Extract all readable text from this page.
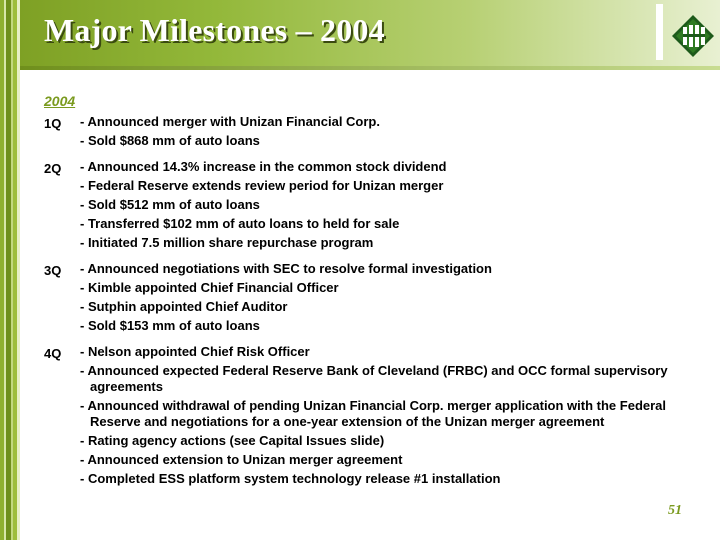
Major Milestones – 2004
2004
1Q	- Announced merger with Unizan Financial Corp.
- Sold $868 mm of auto loans
2Q	- Announced 14.3% increase in the common stock dividend
- Federal Reserve extends review period for Unizan merger
- Sold $512 mm of auto loans
- Transferred $102 mm of auto loans to held for sale
- Initiated 7.5 million share repurchase program
3Q	- Announced negotiations with SEC to resolve formal investigation
- Kimble appointed Chief Financial Officer
- Sutphin appointed Chief Auditor
- Sold $153 mm of auto loans
4Q	- Nelson appointed Chief Risk Officer
- Announced expected Federal Reserve Bank of Cleveland (FRBC) and OCC formal supervisory agreements
- Announced withdrawal of pending Unizan Financial Corp. merger application with the Federal Reserve and negotiations for a one-year extension of the Unizan merger agreement
- Rating agency actions (see Capital Issues slide)
- Announced extension to Unizan merger agreement
- Completed ESS platform system technology release #1 installation
51
